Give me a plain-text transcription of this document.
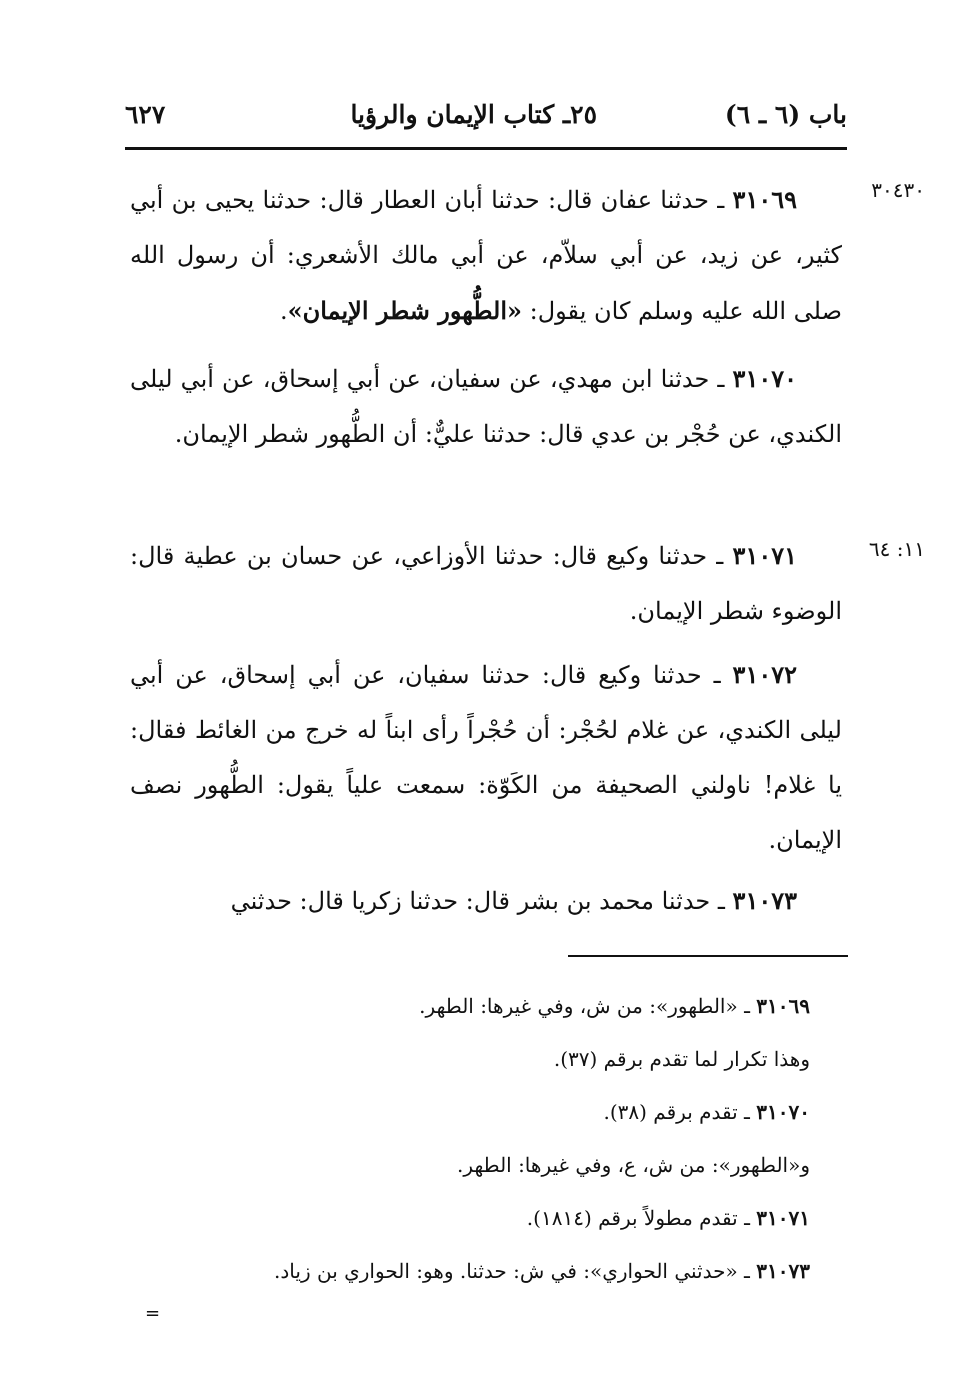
باب (٦ ـ ٦)
٢٥ـ كتاب الإيمان والرؤيا
٦٢٧
٣٠٤٣٠
١١: ٦٤
٣١٠٦٩ ـ حدثنا عفان قال: حدثنا أبان العطار قال: حدثنا يحيى بن أبي كثير، عن زيد، عن أبي سلاّم، عن أبي مالك الأشعري: أن رسول الله صلى الله عليه وسلم كان يقول: «الطُّهور شطر الإيمان».
٣١٠٧٠ ـ حدثنا ابن مهدي، عن سفيان، عن أبي إسحاق، عن أبي ليلى الكندي، عن حُجْر بن عدي قال: حدثنا عليٌّ: أن الطُّهور شطر الإيمان.
٣١٠٧١ ـ حدثنا وكيع قال: حدثنا الأوزاعي، عن حسان بن عطية قال: الوضوء شطر الإيمان.
٣١٠٧٢ ـ حدثنا وكيع قال: حدثنا سفيان، عن أبي إسحاق، عن أبي ليلى الكندي، عن غلام لحُجْر: أن حُجْراً رأى ابناً له خرج من الغائط فقال: يا غلام! ناولني الصحيفة من الكَوّة: سمعت علياً يقول: الطُّهور نصف الإيمان.
٣١٠٧٣ ـ حدثنا محمد بن بشر قال: حدثنا زكريا قال: حدثني
٣١٠٦٩ ـ «الطهور»: من ش، وفي غيرها: الطهر.
وهذا تكرار لما تقدم برقم (٣٧).
٣١٠٧٠ ـ تقدم برقم (٣٨).
و«الطهور»: من ش، ع، وفي غيرها: الطهر.
٣١٠٧١ ـ تقدم مطولاً برقم (١٨١٤).
٣١٠٧٣ ـ «حدثني الحواري»: في ش: حدثنا. وهو: الحواري بن زياد.
=
